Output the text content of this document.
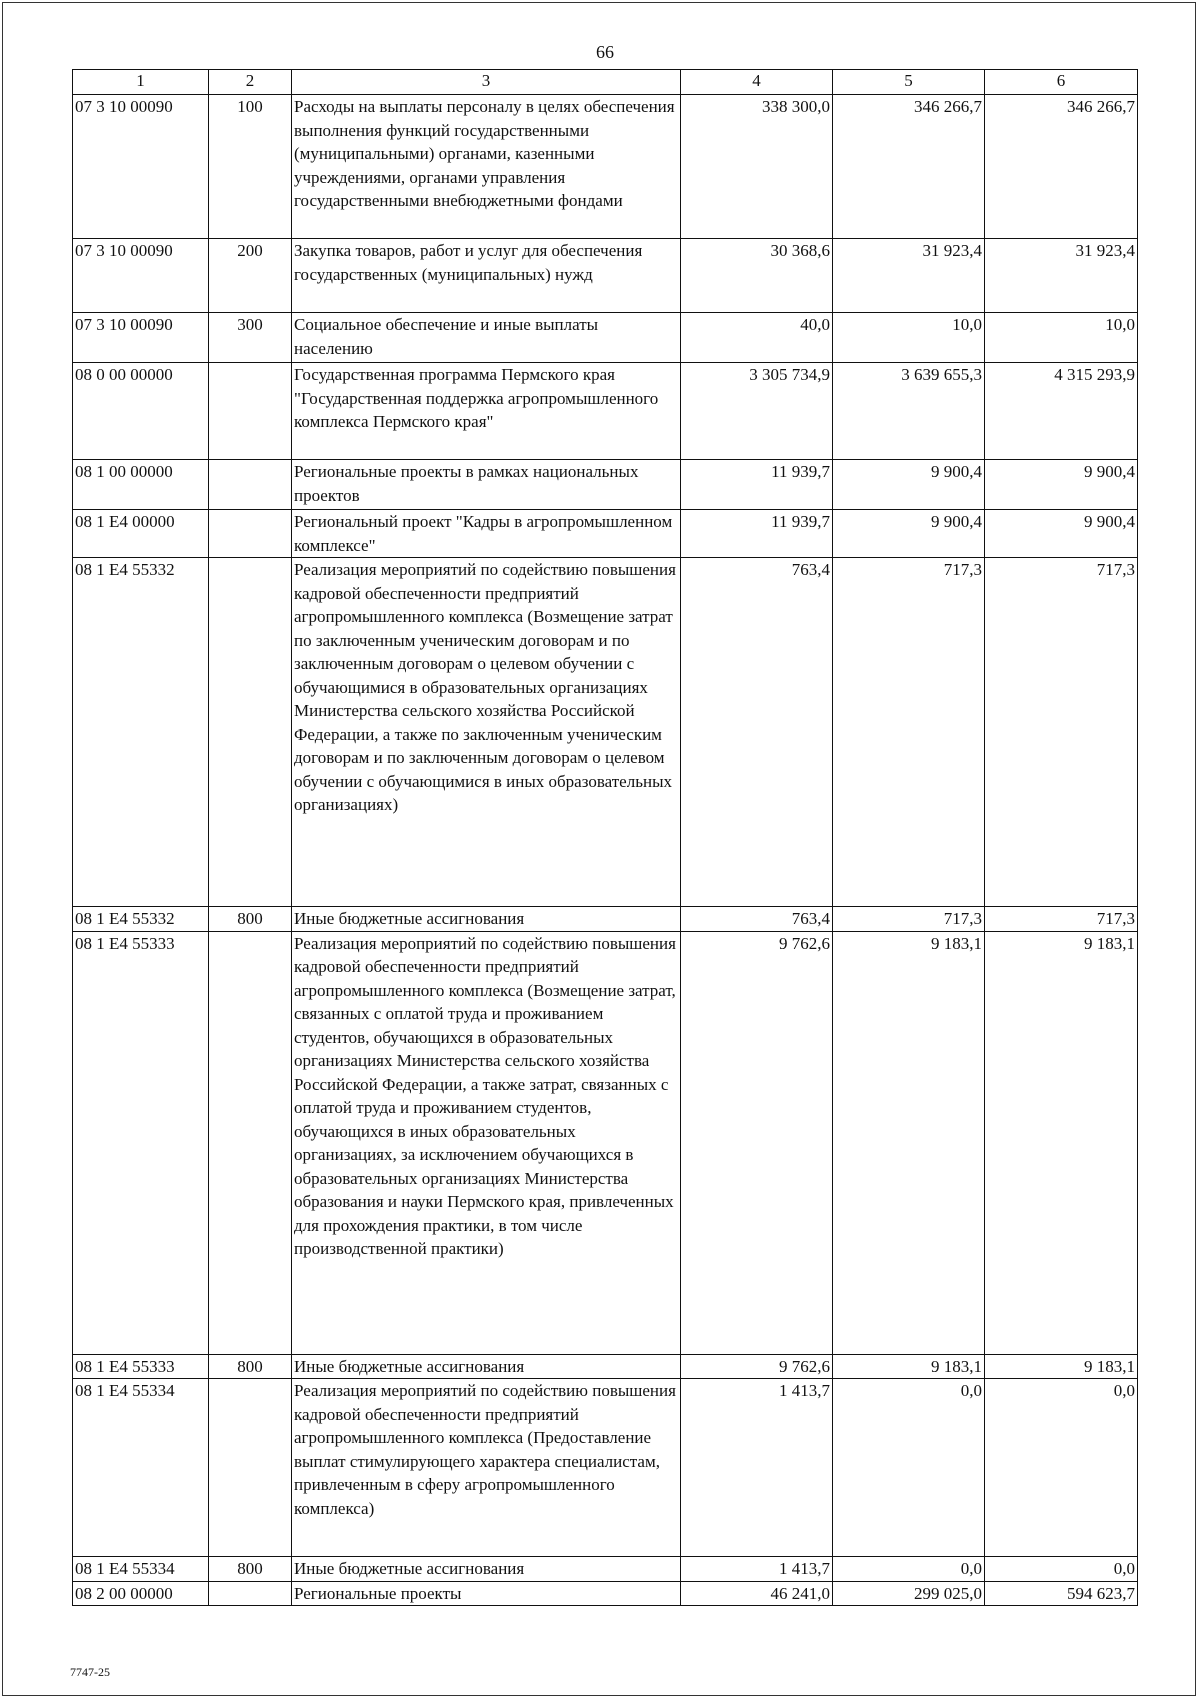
66
1	2	3	4	5	6
07 3 10 00090	100	Расходы на выплаты персоналу в целях обеспечения выполнения функций государственными (муниципальными) органами, казенными учреждениями, органами управления государственными внебюджетными фондами	338 300,0	346 266,7	346 266,7
07 3 10 00090	200	Закупка товаров, работ и услуг для обеспечения государственных (муниципальных) нужд	30 368,6	31 923,4	31 923,4
07 3 10 00090	300	Социальное обеспечение и иные выплаты населению	40,0	10,0	10,0
08 0 00 00000		Государственная программа Пермского края "Государственная поддержка агропромышленного комплекса Пермского края"	3 305 734,9	3 639 655,3	4 315 293,9
08 1 00 00000		Региональные проекты в рамках национальных проектов	11 939,7	9 900,4	9 900,4
08 1 E4 00000		Региональный проект "Кадры в агропромышленном комплексе"	11 939,7	9 900,4	9 900,4
08 1 E4 55332		Реализация мероприятий по содействию повышения кадровой обеспеченности предприятий агропромышленного комплекса (Возмещение затрат по заключенным ученическим договорам и по заключенным договорам о целевом обучении с обучающимися в образовательных организациях Министерства сельского хозяйства Российской Федерации, а также по заключенным ученическим договорам и по заключенным договорам о целевом обучении с обучающимися в иных образовательных организациях)	763,4	717,3	717,3
08 1 E4 55332	800	Иные бюджетные ассигнования	763,4	717,3	717,3
08 1 E4 55333		Реализация мероприятий по содействию повышения кадровой обеспеченности предприятий агропромышленного комплекса (Возмещение затрат, связанных с оплатой труда и проживанием студентов, обучающихся в образовательных организациях Министерства сельского хозяйства Российской Федерации, а также затрат, связанных с оплатой труда и проживанием студентов, обучающихся в иных образовательных организациях, за исключением обучающихся в образовательных организациях Министерства образования и науки Пермского края, привлеченных для прохождения практики, в том числе производственной практики)	9 762,6	9 183,1	9 183,1
08 1 E4 55333	800	Иные бюджетные ассигнования	9 762,6	9 183,1	9 183,1
08 1 E4 55334		Реализация мероприятий по содействию повышения кадровой обеспеченности предприятий агропромышленного комплекса (Предоставление выплат стимулирующего характера специалистам, привлеченным в сферу агропромышленного комплекса)	1 413,7	0,0	0,0
08 1 E4 55334	800	Иные бюджетные ассигнования	1 413,7	0,0	0,0
08 2 00 00000		Региональные проекты	46 241,0	299 025,0	594 623,7
7747-25
